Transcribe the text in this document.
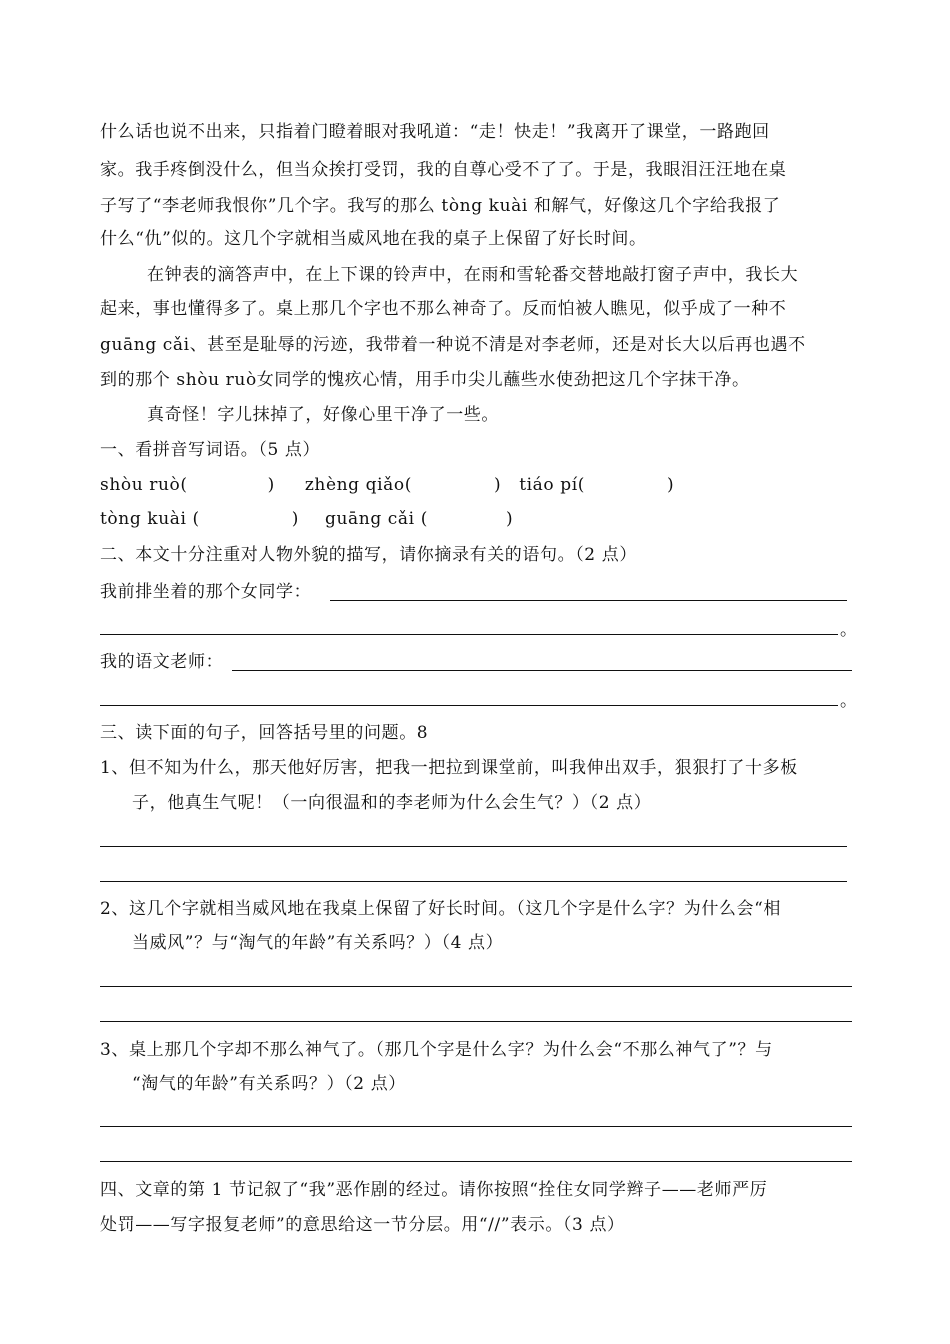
什么话也说不出来，只指着门瞪着眼对我吼道：“走！快走！”我离开了课堂，一路跑回
家。我手疼倒没什么，但当众挨打受罚，我的自尊心受不了了。于是，我眼泪汪汪地在桌
子写了“李老师我恨你”几个字。我写的那么 tòng kuài 和解气，好像这几个字给我报了
什么“仇”似的。这几个字就相当威风地在我的桌子上保留了好长时间。
在钟表的滴答声中，在上下课的铃声中，在雨和雪轮番交替地敲打窗子声中，我长大
起来，事也懂得多了。桌上那几个字也不那么神奇了。反而怕被人瞧见，似乎成了一种不
guāng cǎi、甚至是耻辱的污迹，我带着一种说不清是对李老师，还是对长大以后再也遇不
到的那个 shòu ruò女同学的愧疚心情，用手巾尖儿蘸些水使劲把这几个字抹干净。
真奇怪！字儿抹掉了，好像心里干净了一些。
一、看拼音写词语。（5 点）
shòu ruò(	) zhèng qiǎo(	) tiáo pí(	)
tòng kuài (	) guāng cǎi (	)
二、本文十分注重对人物外貌的描写，请你摘录有关的语句。（2 点）
我前排坐着的那个女同学：
。
我的语文老师：
。
三、读下面的句子，回答括号里的问题。8
1、但不知为什么，那天他好厉害，把我一把拉到课堂前，叫我伸出双手，狠狠打了十多板
子，他真生气呢！（一向很温和的李老师为什么会生气？）（2 点）
2、这几个字就相当威风地在我桌上保留了好长时间。（这几个字是什么字？为什么会“相
当威风”？与“淘气的年龄”有关系吗？）（4 点）
3、桌上那几个字却不那么神气了。（那几个字是什么字？为什么会“不那么神气了”？与
“淘气的年龄”有关系吗？）（2 点）
四、文章的第 1 节记叙了“我”恶作剧的经过。请你按照“拴住女同学辫子——老师严厉
处罚——写字报复老师”的意思给这一节分层。用“//”表示。（3 点）
